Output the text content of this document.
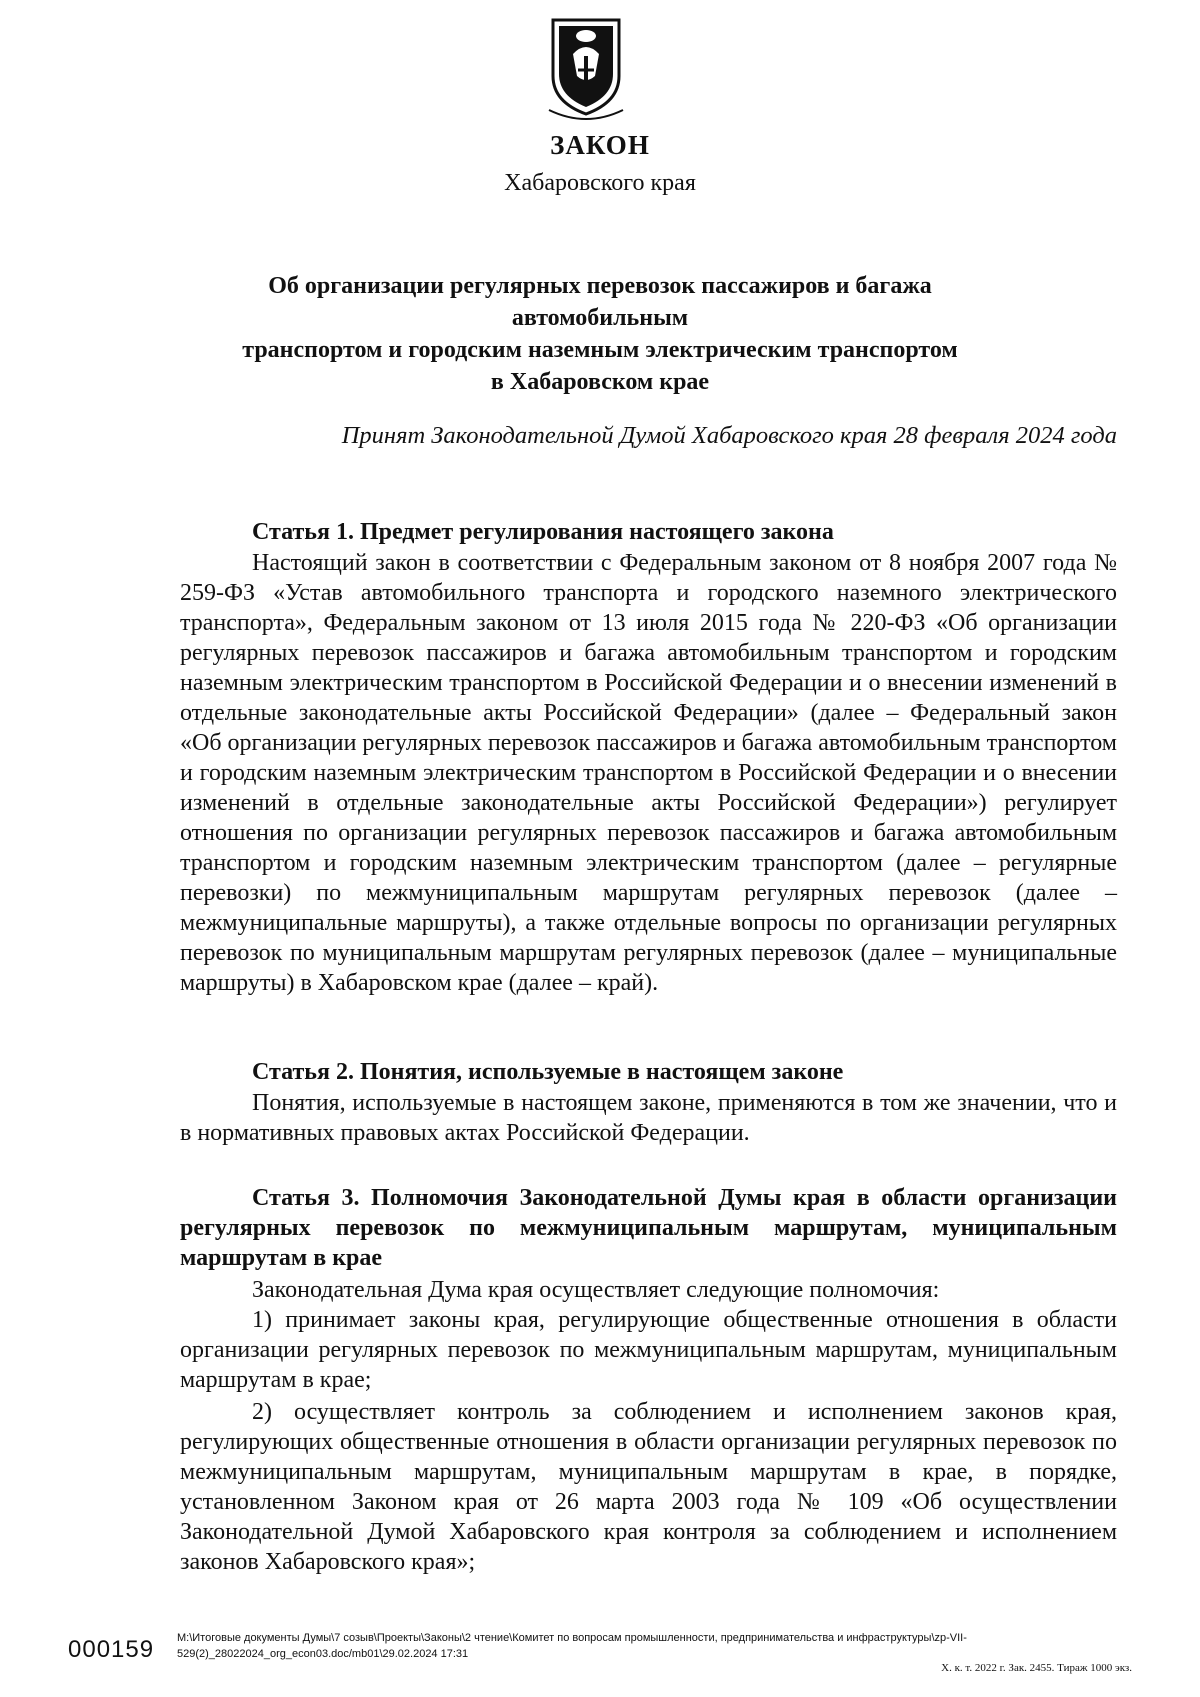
ЗАКОН
Хабаровского края
Об организации регулярных перевозок пассажиров и багажа автомобильным
транспортом и городским наземным электрическим транспортом
в Хабаровском крае
Принят Законодательной Думой Хабаровского края 28 февраля 2024 года
Статья 1. Предмет регулирования настоящего закона
Настоящий закон в соответствии с Федеральным законом от 8 ноября 2007 года № 259-ФЗ «Устав автомобильного транспорта и городского наземного электрического транспорта», Федеральным законом от 13 июля 2015 года № 220-ФЗ «Об организации регулярных перевозок пассажиров и багажа автомобильным транспортом и городским наземным электрическим транспортом в Российской Федерации и о внесении изменений в отдельные законодательные акты Российской Федерации» (далее – Федеральный закон «Об организации регулярных перевозок пассажиров и багажа автомобильным транспортом и городским наземным электрическим транспортом в Российской Федерации и о внесении изменений в отдельные законодательные акты Российской Федерации») регулирует отношения по организации регулярных перевозок пассажиров и багажа автомобильным транспортом и городским наземным электрическим транспортом (далее – регулярные перевозки) по межмуниципальным маршрутам регулярных перевозок (далее – межмуниципальные маршруты), а также отдельные вопросы по организации регулярных перевозок по муниципальным маршрутам регулярных перевозок (далее – муниципальные маршруты) в Хабаровском крае (далее – край).
Статья 2. Понятия, используемые в настоящем законе
Понятия, используемые в настоящем законе, применяются в том же значении, что и в нормативных правовых актах Российской Федерации.
Статья 3. Полномочия Законодательной Думы края в области организации регулярных перевозок по межмуниципальным маршрутам, муниципальным маршрутам в крае
Законодательная Дума края осуществляет следующие полномочия:
1) принимает законы края, регулирующие общественные отношения в области организации регулярных перевозок по межмуниципальным маршрутам, муниципальным маршрутам в крае;
2) осуществляет контроль за соблюдением и исполнением законов края, регулирующих общественные отношения в области организации регулярных перевозок по межмуниципальным маршрутам, муниципальным маршрутам в крае, в порядке, установленном Законом края от 26 марта 2003 года № 109 «Об осуществлении Законодательной Думой Хабаровского края контроля за соблюдением и исполнением законов Хабаровского края»;
000159 M:\Итоговые документы Думы\7 созыв\Проекты\Законы\2 чтение\Комитет по вопросам промышленности, предпринимательства и инфраструктуры\zp-VII-
529(2)_28022024_org_econ03.doc/mb01\29.02.2024 17:31
Х. к. т. 2022 г. Зак. 2455. Тираж 1000 экз.
